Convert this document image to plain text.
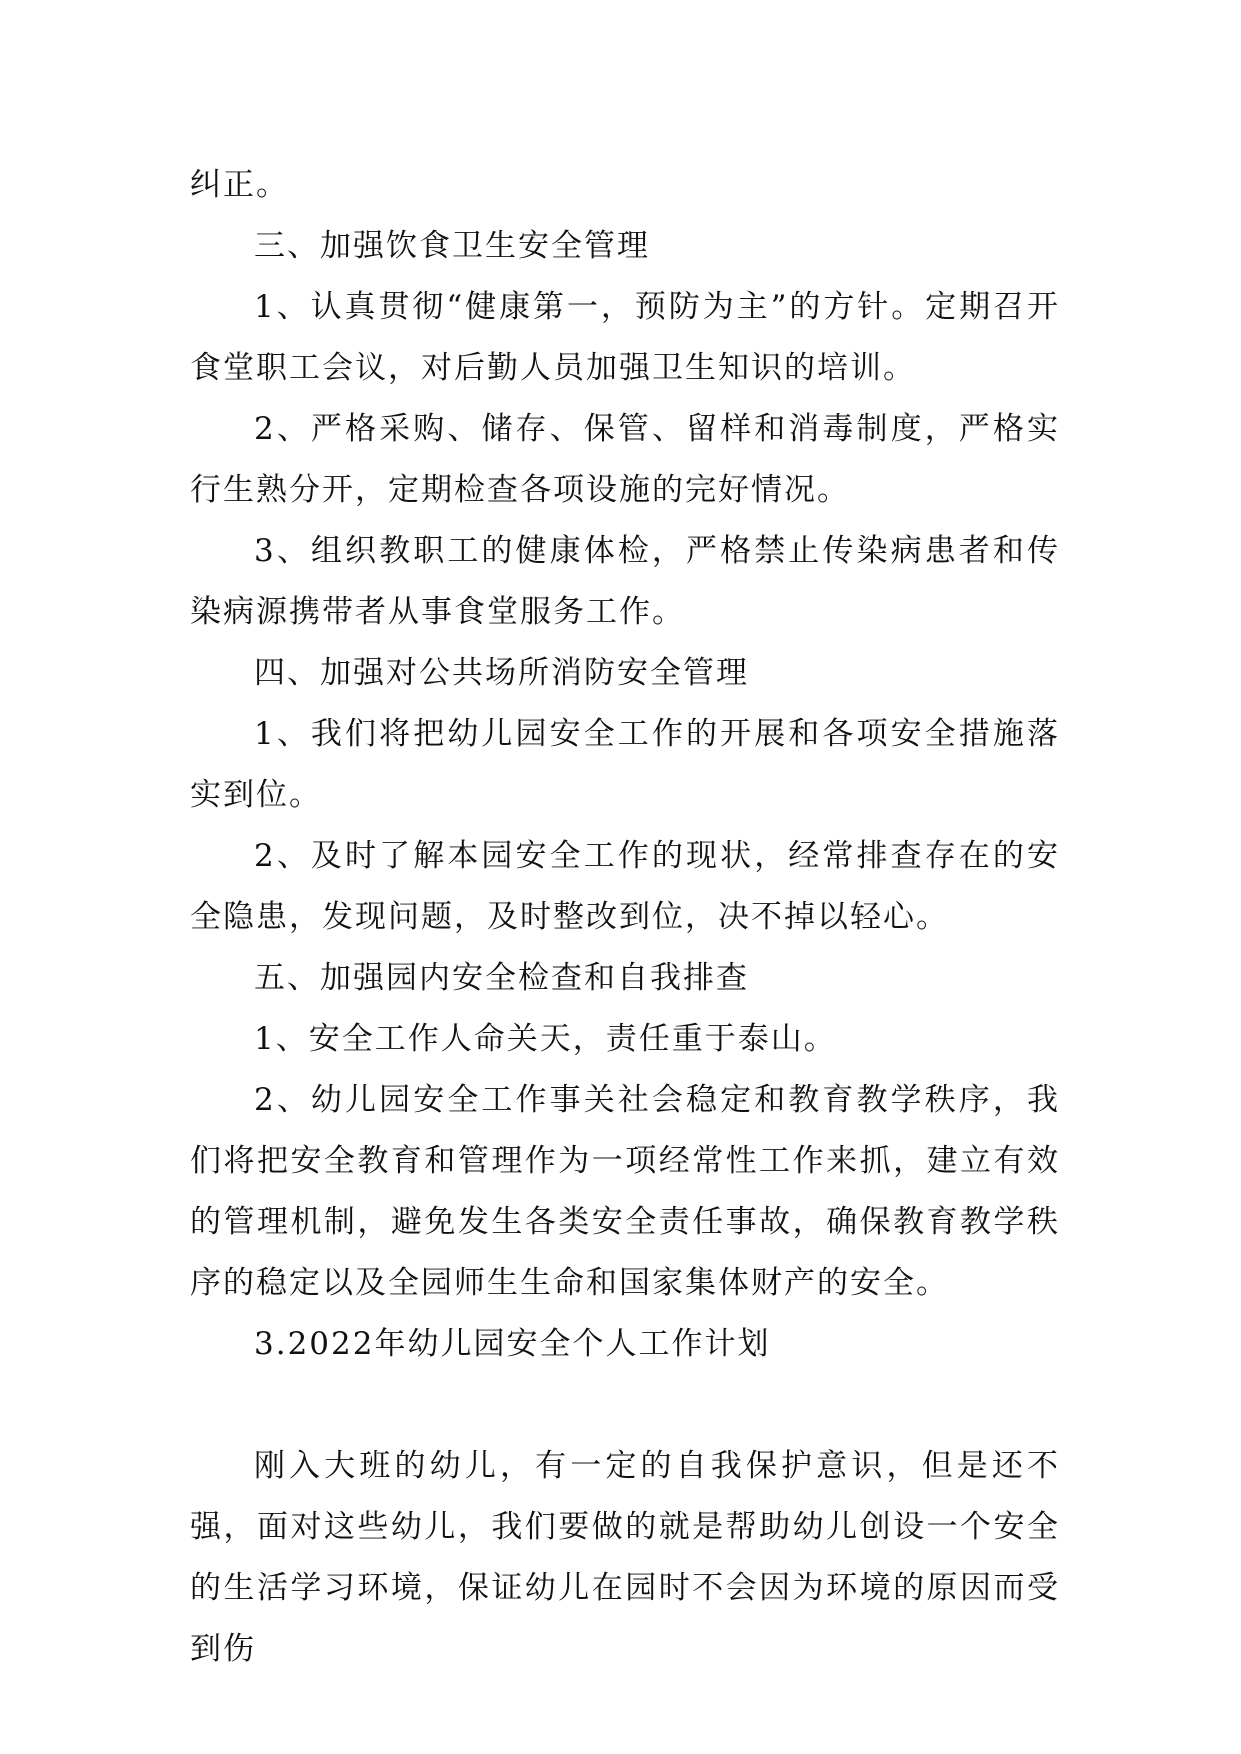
纠正。

三、加强饮食卫生安全管理

1、认真贯彻“健康第一，预防为主”的方针。定期召开食堂职工会议，对后勤人员加强卫生知识的培训。

2、严格采购、储存、保管、留样和消毒制度，严格实行生熟分开，定期检查各项设施的完好情况。

3、组织教职工的健康体检，严格禁止传染病患者和传染病源携带者从事食堂服务工作。

四、加强对公共场所消防安全管理

1、我们将把幼儿园安全工作的开展和各项安全措施落实到位。

2、及时了解本园安全工作的现状，经常排查存在的安全隐患，发现问题，及时整改到位，决不掉以轻心。

五、加强园内安全检查和自我排查

1、安全工作人命关天，责任重于泰山。

2、幼儿园安全工作事关社会稳定和教育教学秩序，我们将把安全教育和管理作为一项经常性工作来抓，建立有效的管理机制，避免发生各类安全责任事故，确保教育教学秩序的稳定以及全园师生生命和国家集体财产的安全。

3.2022年幼儿园安全个人工作计划

刚入大班的幼儿，有一定的自我保护意识，但是还不强，面对这些幼儿，我们要做的就是帮助幼儿创设一个安全的生活学习环境，保证幼儿在园时不会因为环境的原因而受到伤
